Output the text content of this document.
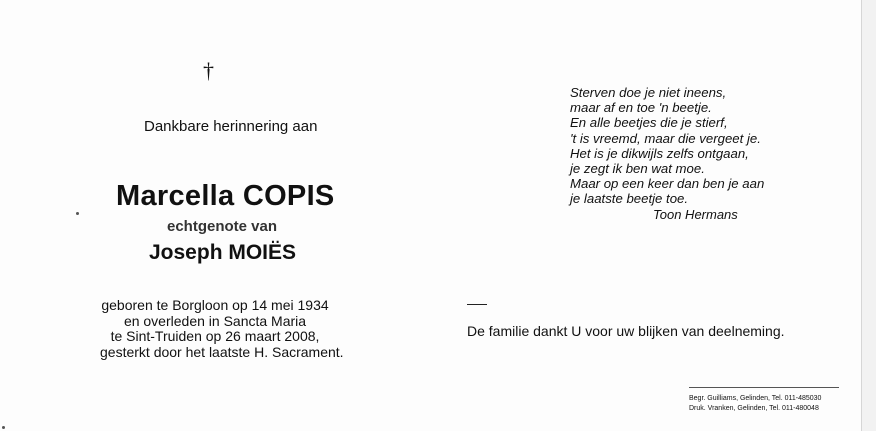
†
Dankbare herinnering aan
Marcella COPIS
echtgenote van
Joseph MOIËS
geboren te Borgloon op 14 mei 1934
en overleden in Sancta Maria
te Sint-Truiden op 26 maart 2008,
gesterkt door het laatste H. Sacrament.
Sterven doe je niet ineens,
maar af en toe 'n beetje.
En alle beetjes die je stierf,
't is vreemd, maar die vergeet je.
Het is je dikwijls zelfs ontgaan,
je zegt ik ben wat moe.
Maar op een keer dan ben je aan
je laatste beetje toe.
Toon Hermans
De familie dankt U voor uw blijken van deelneming.
Begr. Guilliams, Gelinden, Tel. 011-485030
Druk. Vranken, Gelinden, Tel. 011-480048
